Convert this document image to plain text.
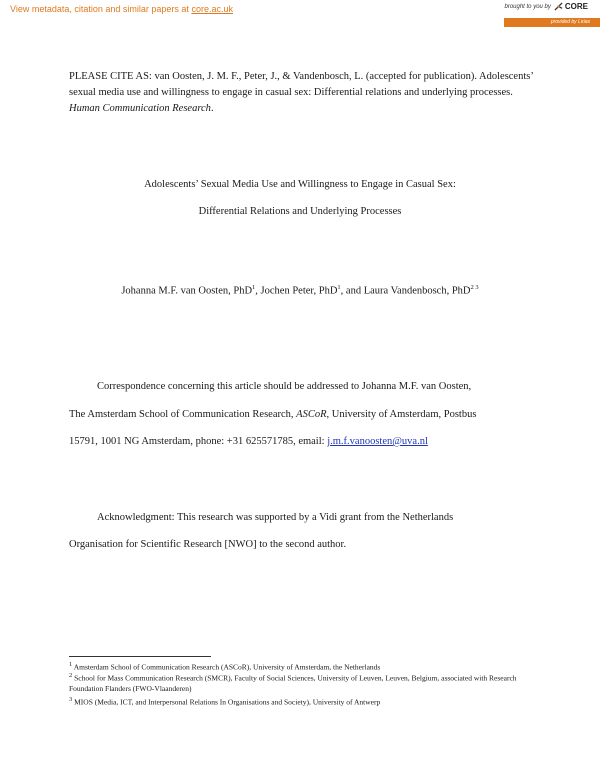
View metadata, citation and similar papers at core.ac.uk	brought to you by CORE
provided by Lirias
PLEASE CITE AS: van Oosten, J. M. F., Peter, J., & Vandenbosch, L. (accepted for publication). Adolescents’ sexual media use and willingness to engage in casual sex: Differential relations and underlying processes. Human Communication Research.
Adolescents’ Sexual Media Use and Willingness to Engage in Casual Sex:
Differential Relations and Underlying Processes
Johanna M.F. van Oosten, PhD$^1$, Jochen Peter, PhD$^1$, and Laura Vandenbosch, PhD$^{2 3}$
Correspondence concerning this article should be addressed to Johanna M.F. van Oosten,
The Amsterdam School of Communication Research, ASCoR, University of Amsterdam, Postbus
15791, 1001 NG Amsterdam, phone: +31 625571785, email: j.m.f.vanoosten@uva.nl
Acknowledgment: This research was supported by a Vidi grant from the Netherlands
Organisation for Scientific Research [NWO] to the second author.
$^1$ Amsterdam School of Communication Research (ASCoR), University of Amsterdam, the Netherlands
$^2$ School for Mass Communication Research (SMCR), Faculty of Social Sciences, University of Leuven, Leuven, Belgium, associated with Research Foundation Flanders (FWO-Vlaanderen)
$^3$ MIOS (Media, ICT, and Interpersonal Relations In Organisations and Society), University of Antwerp
